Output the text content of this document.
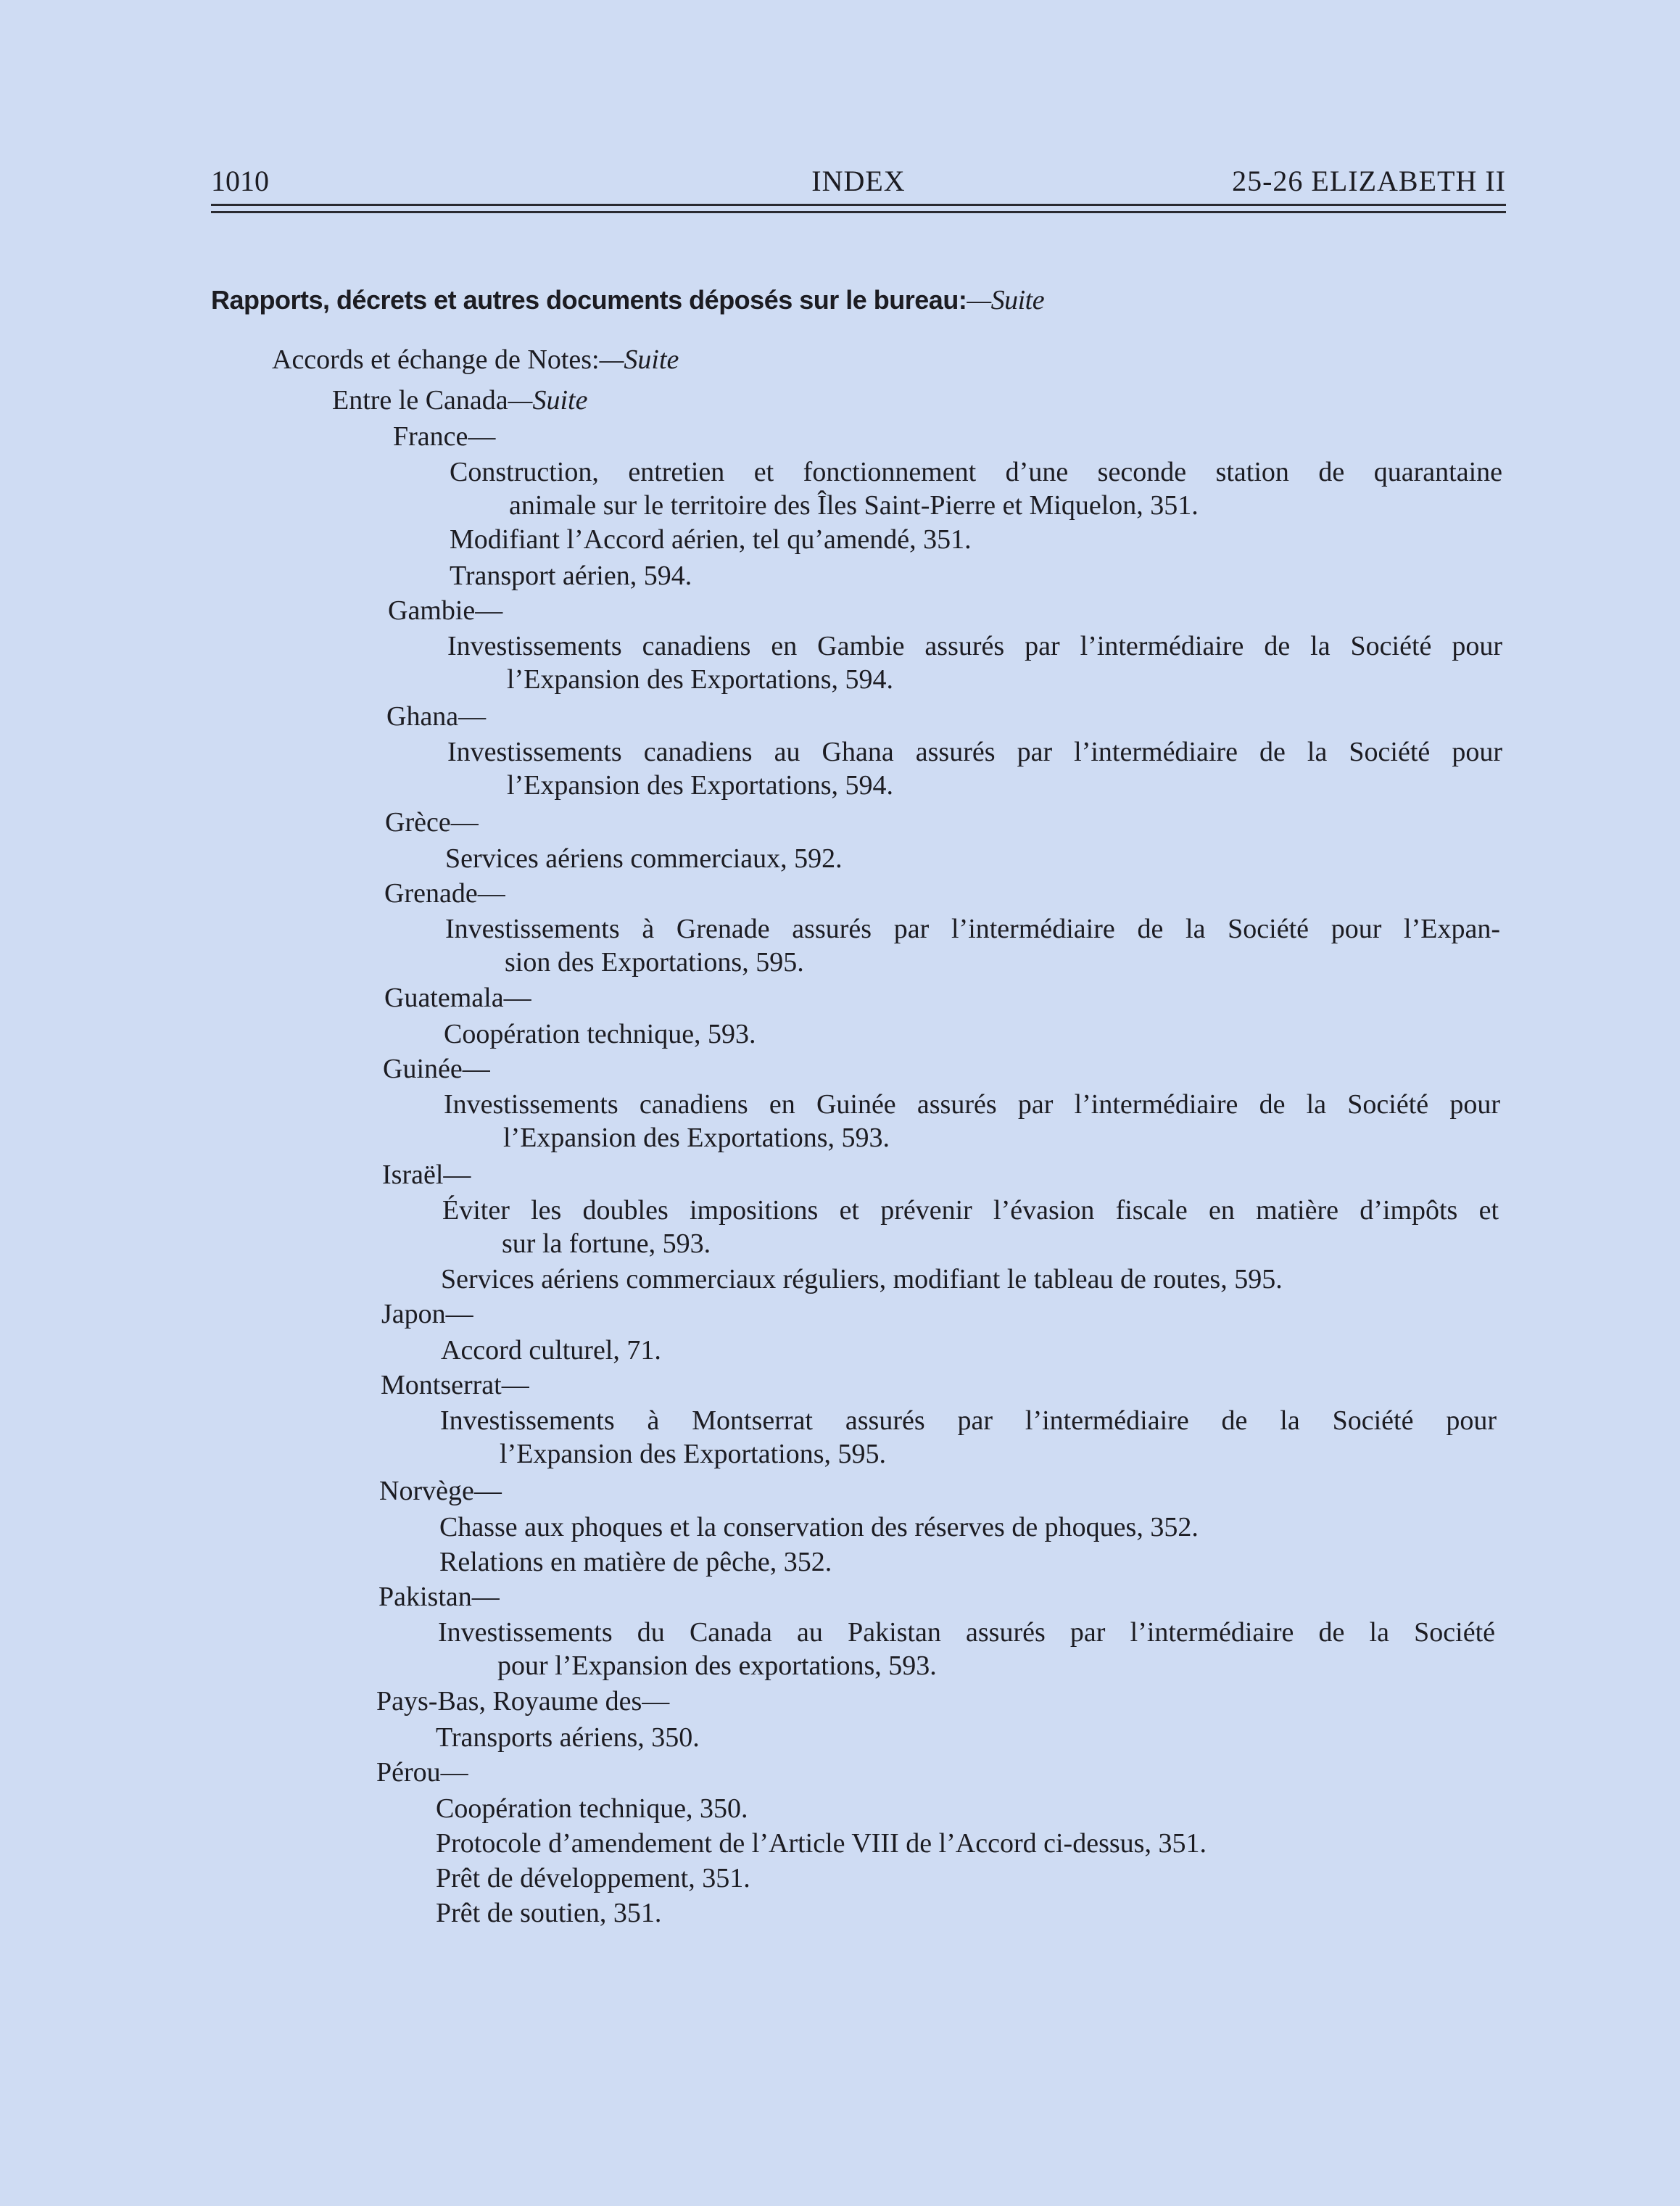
1010	INDEX	25-26 ELIZABETH II
Rapports, décrets et autres documents déposés sur le bureau:—Suite
Accords et échange de Notes:—Suite
Entre le Canada—Suite
France—
Construction, entretien et fonctionnement d’une seconde station de quarantaine
animale sur le territoire des Îles Saint-Pierre et Miquelon, 351.
Modifiant l’Accord aérien, tel qu’amendé, 351.
Transport aérien, 594.
Gambie—
Investissements canadiens en Gambie assurés par l’intermédiaire de la Société pour
l’Expansion des Exportations, 594.
Ghana—
Investissements canadiens au Ghana assurés par l’intermédiaire de la Société pour
l’Expansion des Exportations, 594.
Grèce—
Services aériens commerciaux, 592.
Grenade—
Investissements à Grenade assurés par l’intermédiaire de la Société pour l’Expan-
sion des Exportations, 595.
Guatemala—
Coopération technique, 593.
Guinée—
Investissements canadiens en Guinée assurés par l’intermédiaire de la Société pour
l’Expansion des Exportations, 593.
Israël—
Éviter les doubles impositions et prévenir l’évasion fiscale en matière d’impôts et
sur la fortune, 593.
Services aériens commerciaux réguliers, modifiant le tableau de routes, 595.
Japon—
Accord culturel, 71.
Montserrat—
Investissements à Montserrat assurés par l’intermédiaire de la Société pour
l’Expansion des Exportations, 595.
Norvège—
Chasse aux phoques et la conservation des réserves de phoques, 352.
Relations en matière de pêche, 352.
Pakistan—
Investissements du Canada au Pakistan assurés par l’intermédiaire de la Société
pour l’Expansion des exportations, 593.
Pays-Bas, Royaume des—
Transports aériens, 350.
Pérou—
Coopération technique, 350.
Protocole d’amendement de l’Article VIII de l’Accord ci-dessus, 351.
Prêt de développement, 351.
Prêt de soutien, 351.
